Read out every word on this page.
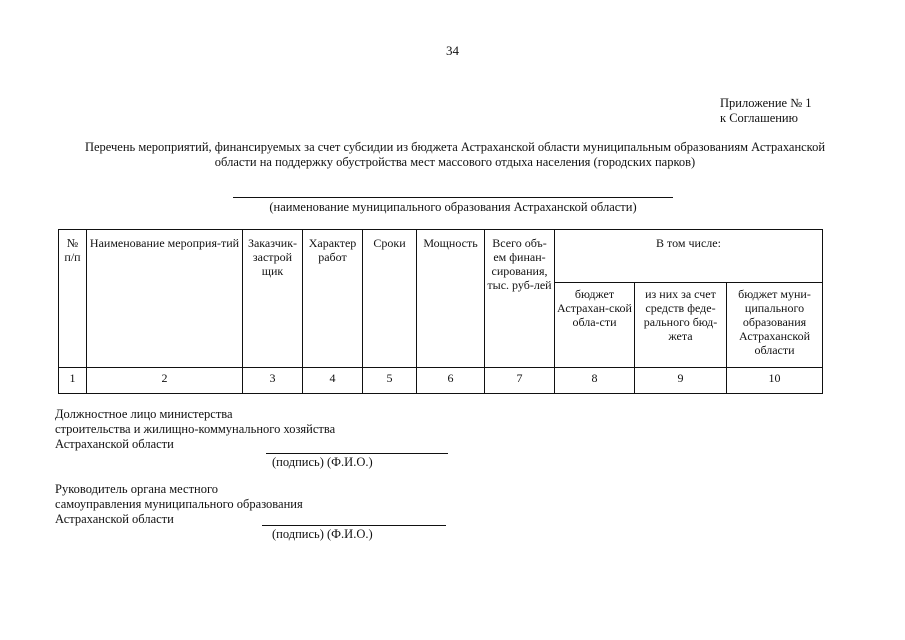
34
Приложение № 1
к Соглашению
Перечень мероприятий, финансируемых за счет субсидии из бюджета Астраханской области муниципальным образованиям Астраханской
области на поддержку обустройства мест массового отдыха населения (городских парков)
(наименование муниципального образования Астраханской области)
№ п/п	Наименование мероприя-тий	Заказчик-застрой щик	Характер работ	Сроки	Мощность	Всего объ-ем финан-сирования, тыс. руб-лей	В том числе:		
							бюджет Астрахан-ской обла-сти	из них за счет средств феде-рального бюд-жета	бюджет муни-ципального образования Астраханской области
1	2	3	4	5	6	7	8	9	10
Должностное лицо министерства
строительства и жилищно-коммунального хозяйства
Астраханской области
(подпись) (Ф.И.О.)
Руководитель органа местного
самоуправления муниципального образования
Астраханской области
(подпись) (Ф.И.О.)
